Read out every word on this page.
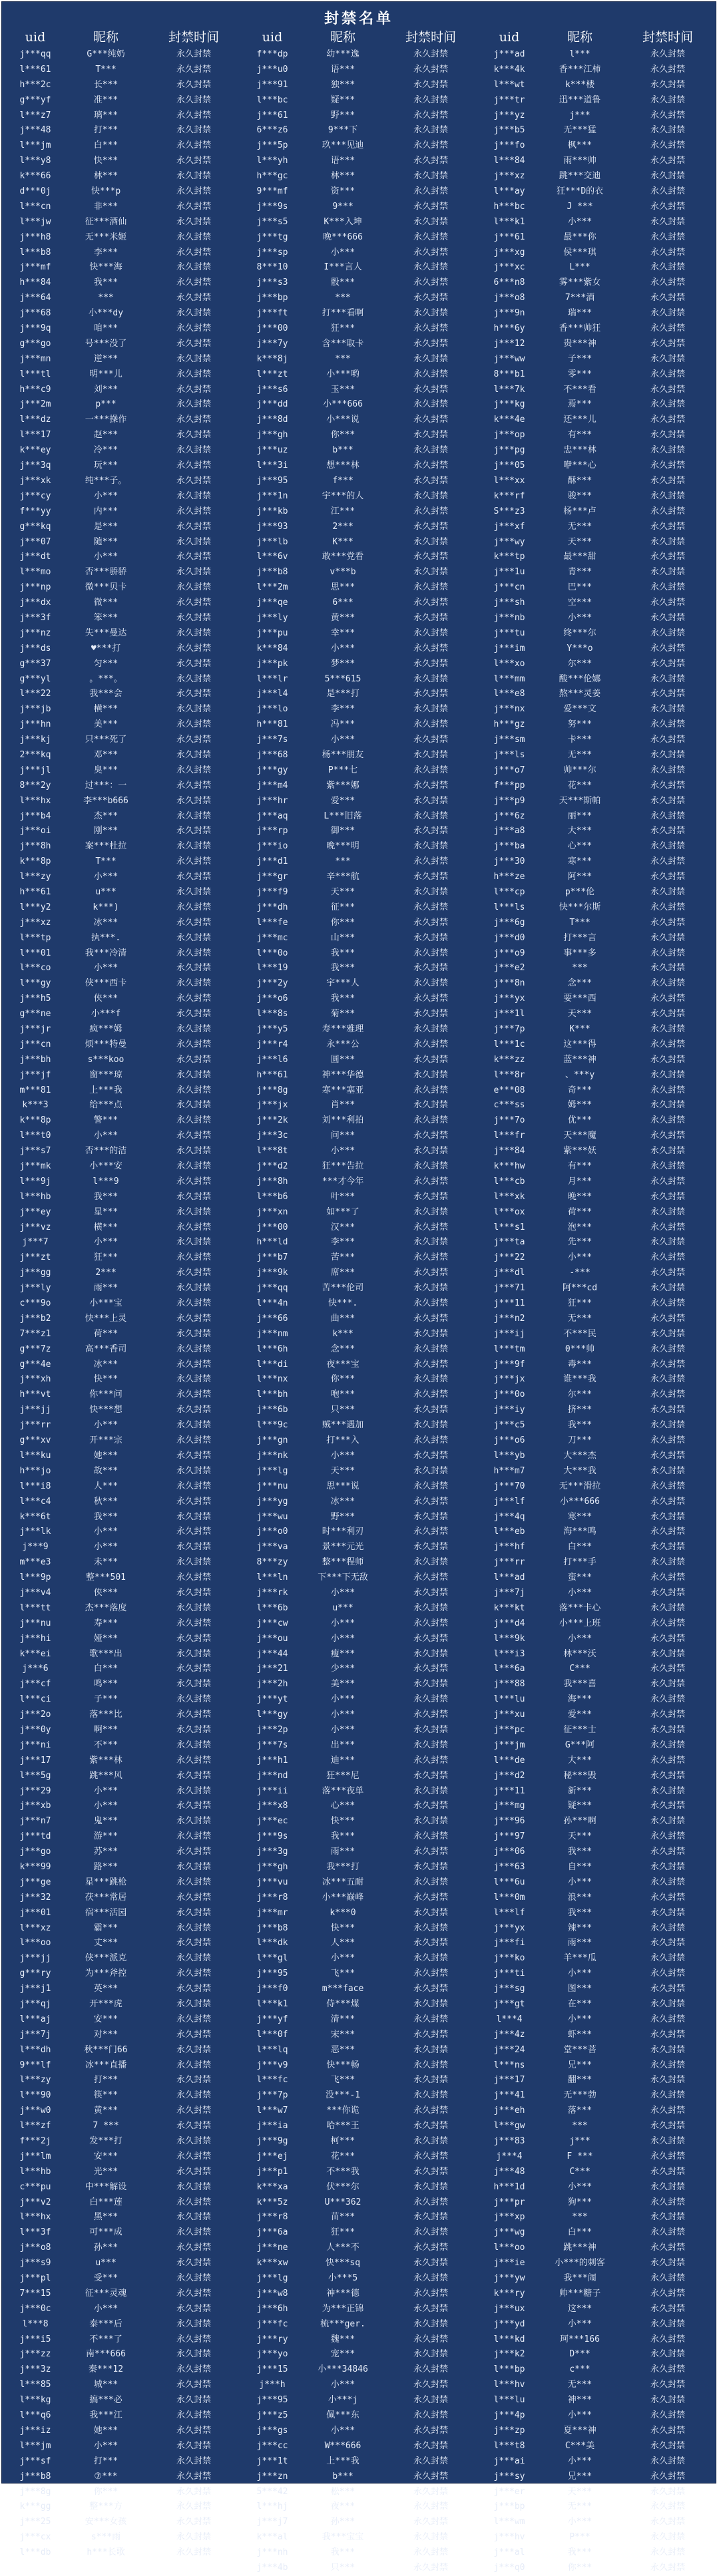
封禁名单
uid	昵称	封禁时间
j***qq	G***纯奶	永久封禁
l***61	T***	永久封禁
h***2c	长***	永久封禁
g***yf	准***	永久封禁
l***z7	璃***	永久封禁
j***48	打***	永久封禁
l***jm	白***	永久封禁
l***y8	快***	永久封禁
k***66	林***	永久封禁
d***0j	快***p	永久封禁
l***cn	非***	永久封禁
l***jw	征***酒仙	永久封禁
j***h8	无***米姬	永久封禁
l***b8	李***	永久封禁
j***mf	快***海	永久封禁
h***84	我***	永久封禁
j***64	***	永久封禁
j***68	小***dy	永久封禁
j***9q	咱***	永久封禁
g***go	号***没了	永久封禁
j***mn	逆***	永久封禁
l***tl	明***儿	永久封禁
h***c9	刘***	永久封禁
j***2m	p***	永久封禁
l***dz	一***操作	永久封禁
l***17	赵***	永久封禁
k***ey	冷***	永久封禁
j***3q	玩***	永久封禁
j***xk	纯***子。	永久封禁
j***cy	小***	永久封禁
f***yy	内***	永久封禁
g***kq	是***	永久封禁
j***07	随***	永久封禁
j***dt	小***	永久封禁
l***mo	否***骄骄	永久封禁
j***np	微***贝卡	永久封禁
j***dx	微***	永久封禁
j***3f	笨***	永久封禁
j***nz	失***曼达	永久封禁
j***ds	♥***打	永久封禁
g***37	匀***	永久封禁
g***yl	。***。	永久封禁
l***22	我***会	永久封禁
j***jb	横***	永久封禁
j***hn	美***	永久封禁
j***kj	只***死了	永久封禁
2***kq	邓***	永久封禁
j***jl	臭***	永久封禁
8***2y	过***：一	永久封禁
l***hx	李***b666	永久封禁
j***b4	杰***	永久封禁
j***oi	刚***	永久封禁
j***8h	案***杜拉	永久封禁
k***8p	T***	永久封禁
l***zy	小***	永久封禁
h***61	u***	永久封禁
l***y2	k***)	永久封禁
j***xz	冰***	永久封禁
l***tp	执***.	永久封禁
l***01	我***冷清	永久封禁
l***co	小***	永久封禁
l***gy	侠***西卡	永久封禁
j***h5	侠***	永久封禁
g***ne	小***f	永久封禁
j***jr	疯***姆	永久封禁
j***cn	烦***特曼	永久封禁
j***bh	s***koo	永久封禁
j***jf	窗***琼	永久封禁
m***81	上***我	永久封禁
k***3	给***点	永久封禁
k***8p	警***	永久封禁
l***t0	小***	永久封禁
j***s7	否***的洁	永久封禁
j***mk	小***安	永久封禁
l***9j	l***9	永久封禁
l***hb	我***	永久封禁
j***ey	星***	永久封禁
j***vz	横***	永久封禁
j***7	小***	永久封禁
j***zt	狂***	永久封禁
j***gg	2***	永久封禁
j***ly	雨***	永久封禁
c***9o	小***宝	永久封禁
j***b2	快***上灵	永久封禁
7***z1	荷***	永久封禁
g***7z	高***香司	永久封禁
g***4e	冰***	永久封禁
j***xh	快***	永久封禁
h***vt	你***问	永久封禁
j***jj	快***想	永久封禁
j***rr	小***	永久封禁
g***xv	开***宗	永久封禁
l***ku	她***	永久封禁
h***jo	故***	永久封禁
l***i8	人***	永久封禁
l***c4	秋***	永久封禁
k***6t	我***	永久封禁
j***lk	小***	永久封禁
j***9	小***	永久封禁
m***e3	未***	永久封禁
l***9p	整***501	永久封禁
j***v4	侠***	永久封禁
l***tt	杰***落度	永久封禁
j***nu	寿***	永久封禁
j***hi	娅***	永久封禁
k***ei	歌***出	永久封禁
j***6	白***	永久封禁
j***cf	鸣***	永久封禁
l***ci	子***	永久封禁
j***2o	落***比	永久封禁
j***0y	啊***	永久封禁
j***ni	不***	永久封禁
j***17	紫***林	永久封禁
l***5g	跳***风	永久封禁
j***29	小***	永久封禁
j***xb	小***	永久封禁
j***n7	鬼***	永久封禁
j***td	游***	永久封禁
j***go	苏***	永久封禁
k***99	路***	永久封禁
j***ge	星***跳枪	永久封禁
j***32	茯***常居	永久封禁
j***01	宿***活园	永久封禁
l***xz	霸***	永久封禁
l***oo	丈***	永久封禁
j***jj	侠***派克	永久封禁
g***ry	为***斧控	永久封禁
j***j1	英***	永久封禁
j***qj	开***虎	永久封禁
l***aj	安***	永久封禁
j***7j	对***	永久封禁
l***dh	秋***门66	永久封禁
9***lf	冰***直播	永久封禁
l***zy	打***	永久封禁
l***90	筷***	永久封禁
j***w0	黄***	永久封禁
l***zf	7 ***	永久封禁
f***2j	发***打	永久封禁
j***lm	安***	永久封禁
l***hb	光***	永久封禁
c***pu	中***解设	永久封禁
j***v2	白***莲	永久封禁
l***hx	黑***	永久封禁
l***3f	可***成	永久封禁
j***o8	孙***	永久封禁
j***s9	u***	永久封禁
j***pl	受***	永久封禁
7***15	征***灵魂	永久封禁
j***0c	小***	永久封禁
l***8	泰***后	永久封禁
j***i5	不***了	永久封禁
j***zz	南***666	永久封禁
j***3z	秦***12	永久封禁
l***85	城***	永久封禁
l***kg	搞***必	永久封禁
l***q6	我***江	永久封禁
j***iz	她***	永久封禁
l***jm	小***	永久封禁
j***sf	打***	永久封禁
j***b8	⑦***	永久封禁
j***8g	你***	永久封禁
k***gg	整***方	永久封禁
j***25	安***女孩	永久封禁
j***cx	s***雨	永久封禁
l***db	h***长歌	永久封禁
uid	昵称	封禁时间
f***dp	幼***逸	永久封禁
j***u0	语***	永久封禁
j***91	独***	永久封禁
l***bc	疑***	永久封禁
j***61	野***	永久封禁
6***z6	9***下	永久封禁
j***5p	玖***见迪	永久封禁
l***yh	语***	永久封禁
h***gc	林***	永久封禁
9***mf	资***	永久封禁
j***9s	9***	永久封禁
j***s5	K***入坤	永久封禁
j***tg	晚***666	永久封禁
j***sp	小***	永久封禁
8***10	I***言人	永久封禁
j***s3	骰***	永久封禁
j***bp	***	永久封禁
j***ft	打***看啊	永久封禁
j***00	狂***	永久封禁
j***7y	含***取卡	永久封禁
k***8j	***	永久封禁
l***zt	小***哟	永久封禁
j***s6	玉***	永久封禁
j***dd	小***666	永久封禁
j***8d	小***说	永久封禁
j***gh	你***	永久封禁
j***uz	b***	永久封禁
l***3i	想***林	永久封禁
j***95	f***	永久封禁
j***1n	宇***的人	永久封禁
j***kb	江***	永久封禁
j***93	2***	永久封禁
j***lb	K***	永久封禁
l***6v	敢***党看	永久封禁
j***b8	v***b	永久封禁
l***2m	思***	永久封禁
j***qe	6***	永久封禁
j***ly	黄***	永久封禁
j***pu	幸***	永久封禁
k***84	小***	永久封禁
j***pk	梦***	永久封禁
l***lr	5***615	永久封禁
j***l4	是***打	永久封禁
j***lo	李***	永久封禁
h***81	冯***	永久封禁
j***7s	小***	永久封禁
j***68	杨***朋友	永久封禁
j***gy	P***七	永久封禁
j***m4	紫***娜	永久封禁
j***hr	爱***	永久封禁
j***aq	L***旧落	永久封禁
j***rp	御***	永久封禁
j***io	晚***明	永久封禁
j***d1	***	永久封禁
j***gr	辛***航	永久封禁
j***f9	天***	永久封禁
j***dh	征***	永久封禁
l***fe	你***	永久封禁
j***mc	山***	永久封禁
l***0o	我***	永久封禁
l***19	我***	永久封禁
j***2y	宇***人	永久封禁
j***o6	我***	永久封禁
l***8s	菊***	永久封禁
j***y5	寿***雅理	永久封禁
j***r4	永***公	永久封禁
j***l6	圆***	永久封禁
h***61	神***华德	永久封禁
j***8g	寒***塞亚	永久封禁
j***jx	肖***	永久封禁
j***2k	刘***利拍	永久封禁
j***3c	问***	永久封禁
l***8t	小***	永久封禁
j***d2	狂***告拉	永久封禁
j***8h	***才今年	永久封禁
l***b6	叶***	永久封禁
j***xn	如***了	永久封禁
j***00	汉***	永久封禁
h***ld	李***	永久封禁
j***b7	苦***	永久封禁
j***9k	席***	永久封禁
j***qq	苦***伦司	永久封禁
l***4n	快***.	永久封禁
j***66	曲***	永久封禁
j***nm	k***	永久封禁
l***6h	念***	永久封禁
l***di	夜***宝	永久封禁
l***nx	你***	永久封禁
l***bh	咆***	永久封禁
j***6b	只***	永久封禁
l***9c	贼***遇加	永久封禁
j***gn	打***入	永久封禁
j***nk	小***	永久封禁
j***lg	天***	永久封禁
j***nu	思***说	永久封禁
j***yg	冰***	永久封禁
j***wu	野***	永久封禁
j***o0	时***利刃	永久封禁
j***va	景***元光	永久封禁
8***zy	整***程师	永久封禁
l***ln	下***下无敌	永久封禁
j***rk	小***	永久封禁
l***6b	u***	永久封禁
j***cw	小***	永久封禁
j***ou	小***	永久封禁
j***44	瘦***	永久封禁
j***21	少***	永久封禁
j***2h	美***	永久封禁
j***yt	小***	永久封禁
l***gy	小***	永久封禁
j***2p	小***	永久封禁
j***7s	出***	永久封禁
j***h1	迪***	永久封禁
j***nd	狂***尼	永久封禁
j***ii	落***夜单	永久封禁
j***x8	心***	永久封禁
j***ec	快***	永久封禁
j***9s	我***	永久封禁
j***3g	雨***	永久封禁
j***gh	我***打	永久封禁
j***vu	冰***五耐	永久封禁
j***r8	小***巅峰	永久封禁
j***mr	k***0	永久封禁
j***b8	快***	永久封禁
l***dk	人***	永久封禁
l***gl	小***	永久封禁
j***95	飞***	永久封禁
j***f0	m***face	永久封禁
l***k1	侍***煤	永久封禁
j***yf	清***	永久封禁
l***0f	宋***	永久封禁
l***lq	恶***	永久封禁
j***v9	快***畅	永久封禁
l***fc	飞***	永久封禁
j***7p	没***-1	永久封禁
l***w7	***你诡	永久封禁
j***ia	哈***王	永久封禁
j***9g	柯***	永久封禁
j***ej	花***	永久封禁
j***p1	不***我	永久封禁
k***xa	伏***尔	永久封禁
k***5z	U***362	永久封禁
j***r8	苗***	永久封禁
j***6a	狂***	永久封禁
j***ne	人***不	永久封禁
k***xw	快***sq	永久封禁
j***lg	小***5	永久封禁
j***w8	神***德	永久封禁
j***6h	为***正锦	永久封禁
j***fc	梳***ger.	永久封禁
j***ry	魏***	永久封禁
j***yo	宠***	永久封禁
j***15	小***34846	永久封禁
j***h	小***	永久封禁
j***95	小***j	永久封禁
j***z5	佩***东	永久封禁
j***gs	小***	永久封禁
j***cc	W***666	永久封禁
j***1t	上***我	永久封禁
j***zn	b***	永久封禁
5***42	松***	永久封禁
l***hj	夜***	永久封禁
j***j7	孙***	永久封禁
k***al	我***宝宝	永久封禁
j***nh	我***	永久封禁
j***4b	只***	永久封禁
uid	昵称	封禁时间
j***ad	l***	永久封禁
k***4k	香***江柿	永久封禁
l***wt	k***楼	永久封禁
j***tr	迅***道鲁	永久封禁
j***yz	j***	永久封禁
j***b5	无***猛	永久封禁
j***fo	枫***	永久封禁
l***84	雨***帅	永久封禁
j***xz	跳***交迪	永久封禁
l***ay	狂***D的衣	永久封禁
h***bc	J ***	永久封禁
l***k1	小***	永久封禁
j***61	最***你	永久封禁
j***xg	侯***琪	永久封禁
j***xc	L***	永久封禁
6***n8	雾***紫女	永久封禁
j***o8	7***酒	永久封禁
j***9n	瑞***	永久封禁
h***6y	香***帅狂	永久封禁
j***12	贵***神	永久封禁
j***ww	子***	永久封禁
8***b1	零***	永久封禁
l***7k	不***看	永久封禁
j***kg	焉***	永久封禁
k***4e	还***儿	永久封禁
j***op	有***	永久封禁
j***pg	忠***林	永久封禁
j***05	咿***心	永久封禁
l***xx	酥***	永久封禁
k***rf	骏***	永久封禁
S***z3	杨***卢	永久封禁
j***xf	无***	永久封禁
j***wy	天***	永久封禁
k***tp	最***甜	永久封禁
j***1u	青***	永久封禁
j***cn	巴***	永久封禁
j***sh	空***	永久封禁
j***nb	小***	永久封禁
j***tu	终***尔	永久封禁
j***im	Y***o	永久封禁
l***xo	尔***	永久封禁
l***mm	酸***伦娜	永久封禁
l***e8	熬***灵姜	永久封禁
j***nx	爱***文	永久封禁
h***gz	努***	永久封禁
j***sm	卡***	永久封禁
j***ls	无***	永久封禁
j***o7	帅***尔	永久封禁
f***pp	花***	永久封禁
j***p9	天***斯帕	永久封禁
j***6z	丽***	永久封禁
j***a8	大***	永久封禁
j***ba	心***	永久封禁
j***30	寒***	永久封禁
h***ze	阿***	永久封禁
l***cp	p***伦	永久封禁
l***ls	快***尔斯	永久封禁
j***6g	T***	永久封禁
j***d0	打***言	永久封禁
j***o9	事***多	永久封禁
j***e2	***	永久封禁
j***8n	念***	永久封禁
j***yx	要***西	永久封禁
j***1l	天***	永久封禁
j***7p	K***	永久封禁
l***1c	这***得	永久封禁
k***zz	蓝***神	永久封禁
l***8r	、***y	永久封禁
e***08	奇***	永久封禁
c***ss	姆***	永久封禁
j***7o	优***	永久封禁
l***fr	天***魔	永久封禁
j***84	紫***妖	永久封禁
k***hw	有***	永久封禁
l***cb	月***	永久封禁
l***xk	晚***	永久封禁
l***ox	荷***	永久封禁
l***s1	泡***	永久封禁
j***ta	先***	永久封禁
j***22	小***	永久封禁
j***dl	-***	永久封禁
j***71	阿***cd	永久封禁
j***11	狂***	永久封禁
j***n2	无***	永久封禁
j***ij	不***民	永久封禁
l***tm	0***帅	永久封禁
j***9f	毒***	永久封禁
j***jx	谁***我	永久封禁
j***0o	尔***	永久封禁
j***iy	挤***	永久封禁
j***c5	我***	永久封禁
j***o6	刀***	永久封禁
l***yb	大***杰	永久封禁
h***m7	大***我	永久封禁
j***70	无***滑拉	永久封禁
j***lf	小***666	永久封禁
j***4q	寒***	永久封禁
l***eb	海***鸣	永久封禁
j***hf	白***	永久封禁
j***rr	打***手	永久封禁
l***ad	蛮***	永久封禁
j***7j	小***	永久封禁
k***kt	落***卡心	永久封禁
j***d4	小***上班	永久封禁
l***9k	小***	永久封禁
l***i3	林***沃	永久封禁
l***6a	C***	永久封禁
j***88	我***喜	永久封禁
l***lu	海***	永久封禁
j***xu	爱***	永久封禁
j***pc	征***士	永久封禁
j***jm	G***阿	永久封禁
l***de	大***	永久封禁
j***d2	秘***毁	永久封禁
j***11	新***	永久封禁
j***mg	疑***	永久封禁
j***96	孙***啊	永久封禁
j***97	天***	永久封禁
j***06	我***	永久封禁
j***63	自***	永久封禁
l***6u	小***	永久封禁
l***0m	浪***	永久封禁
l***lf	我***	永久封禁
j***yx	辣***	永久封禁
j***fi	雨***	永久封禁
j***ko	羊***瓜	永久封禁
j***ti	小***	永久封禁
j***sg	图***	永久封禁
j***gt	在***	永久封禁
l***4	小***	永久封禁
j***4z	虾***	永久封禁
j***24	堂***菩	永久封禁
l***ns	兄***	永久封禁
j***17	翻***	永久封禁
j***41	无***勃	永久封禁
j***eh	落***	永久封禁
l***gw	***	永久封禁
j***83	j***	永久封禁
j***4	F ***	永久封禁
j***48	C***	永久封禁
h***1d	小***	永久封禁
j***pr	狗***	永久封禁
j***xp	***	永久封禁
j***wg	白***	永久封禁
l***oo	跳***神	永久封禁
j***ie	小***的刺客	永久封禁
j***yw	我***闹	永久封禁
k***ry	帅***糖子	永久封禁
j***ux	这***	永久封禁
j***yd	小***	永久封禁
l***kd	珂***166	永久封禁
j***k2	D***	永久封禁
l***bp	c***	永久封禁
l***hv	无***	永久封禁
l***lu	神***	永久封禁
j***4p	小***	永久封禁
j***zp	夏***神	永久封禁
l***t8	C***美	永久封禁
j***ai	小***	永久封禁
j***sy	兄***	永久封禁
j***er	天***	永久封禁
j***bp	无***	永久封禁
l***wm	小***	永久封禁
j***hv	P***	永久封禁
j***al	我***	永久封禁
j***q0	你***	永久封禁
